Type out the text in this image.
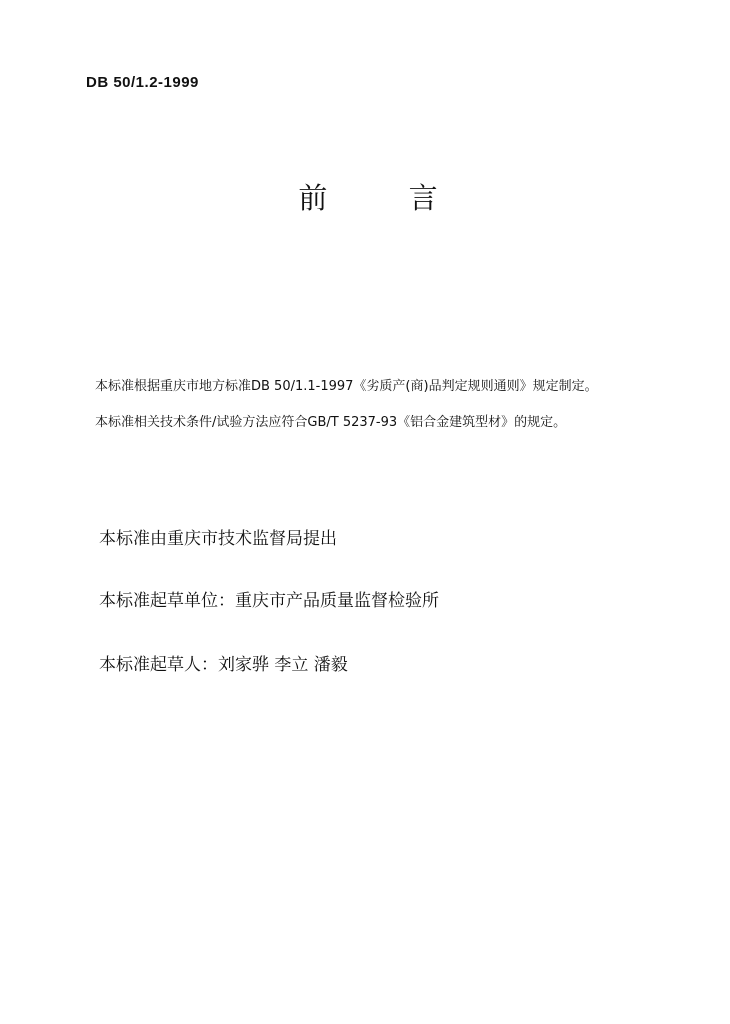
DB 50/1.2-1999
前 言
本标准根据重庆市地方标准DB 50/1.1-1997《劣质产(商)品判定规则通则》规定制定。
本标准相关技术条件/试验方法应符合GB/T 5237-93《铝合金建筑型材》的规定。
本标准由重庆市技术监督局提出
本标准起草单位：重庆市产品质量监督检验所
本标准起草人：刘家骅 李立 潘毅
